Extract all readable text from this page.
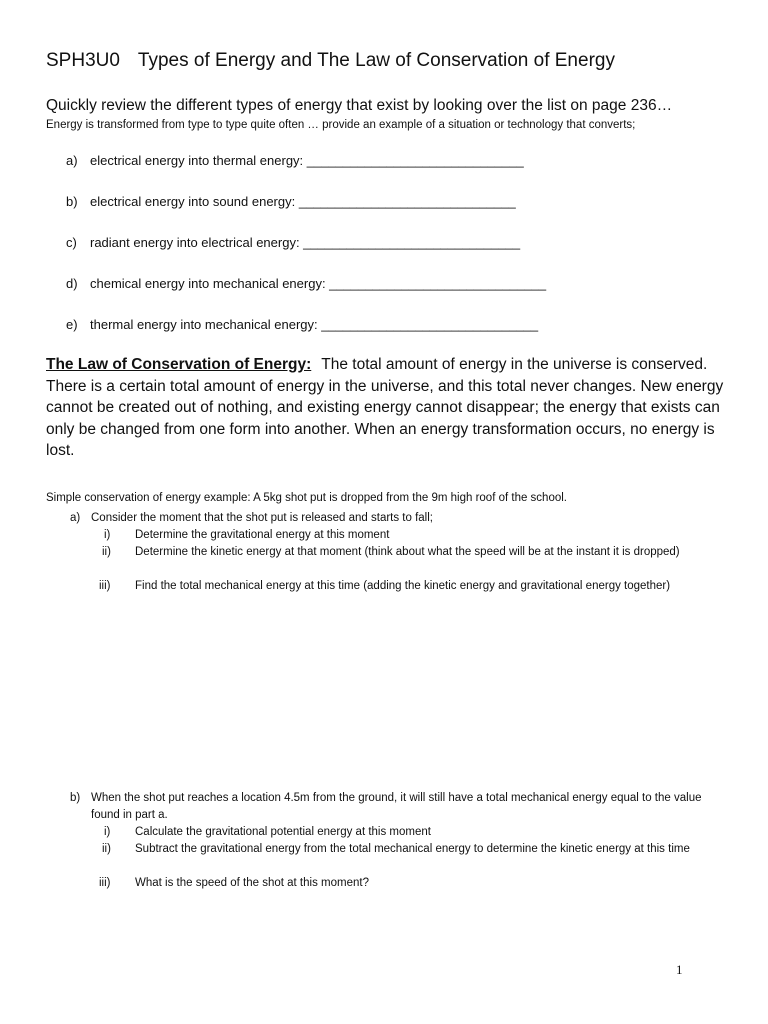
SPH3U0 Types of Energy and The Law of Conservation of Energy
Quickly review the different types of energy that exist by looking over the list on page 236…
Energy is transformed from type to type quite often … provide an example of a situation or technology that converts;
a) electrical energy into thermal energy: ______________________________
b) electrical energy into sound energy: ______________________________
c) radiant energy into electrical energy: ______________________________
d) chemical energy into mechanical energy: ______________________________
e) thermal energy into mechanical energy: ______________________________
The Law of Conservation of Energy: The total amount of energy in the universe is conserved. There is a certain total amount of energy in the universe, and this total never changes. New energy cannot be created out of nothing, and existing energy cannot disappear; the energy that exists can only be changed from one form into another. When an energy transformation occurs, no energy is lost.
Simple conservation of energy example: A 5kg shot put is dropped from the 9m high roof of the school.
a) Consider the moment that the shot put is released and starts to fall;
i) Determine the gravitational energy at this moment
ii) Determine the kinetic energy at that moment (think about what the speed will be at the instant it is dropped)
iii) Find the total mechanical energy at this time (adding the kinetic energy and gravitational energy together)
b) When the shot put reaches a location 4.5m from the ground, it will still have a total mechanical energy equal to the value found in part a.
i) Calculate the gravitational potential energy at this moment
ii) Subtract the gravitational energy from the total mechanical energy to determine the kinetic energy at this time
iii) What is the speed of the shot at this moment?
1
